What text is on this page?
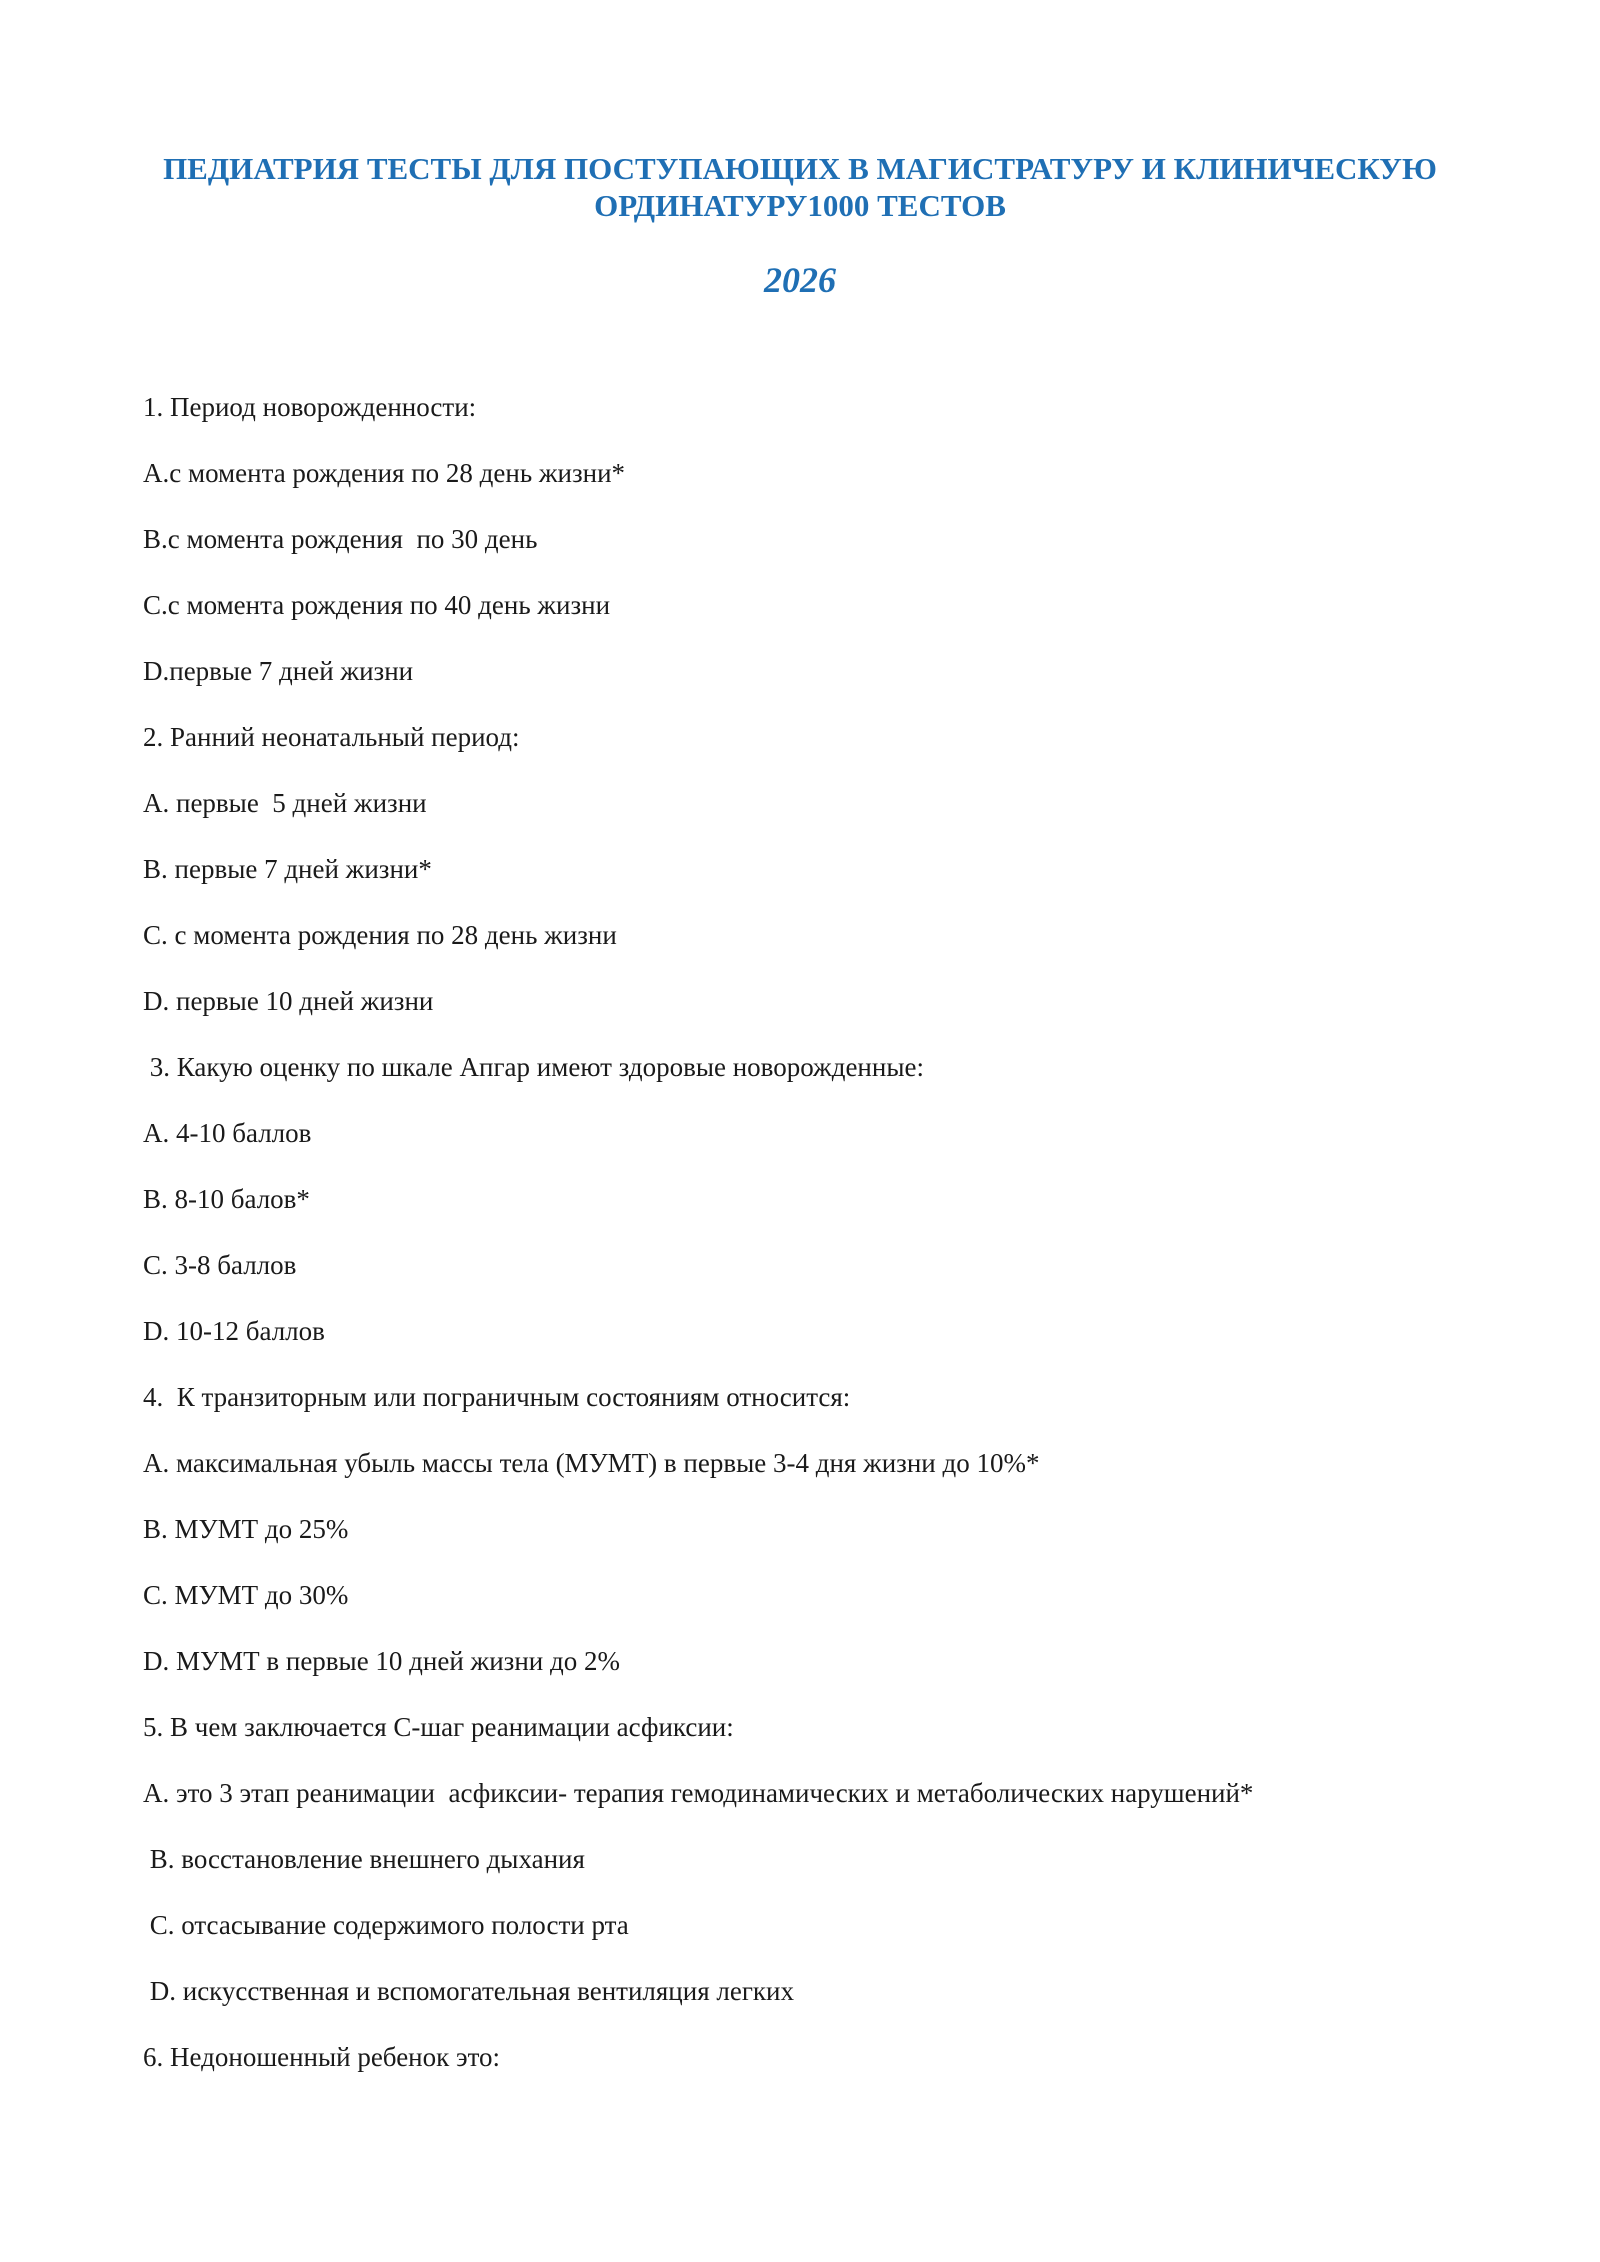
ПЕДИАТРИЯ ТЕСТЫ ДЛЯ ПОСТУПАЮЩИХ В МАГИСТРАТУРУ И КЛИНИЧЕСКУЮ ОРДИНАТУРУ1000 ТЕСТОВ
2026
1. Период новорожденности:
A.с момента рождения по 28 день жизни*
B.с момента рождения  по 30 день
C.с момента рождения по 40 день жизни
D.первые 7 дней жизни
2. Ранний неонатальный период:
A. первые  5 дней жизни
B. первые 7 дней жизни*
C. с момента рождения по 28 день жизни
D. первые 10 дней жизни
3. Какую оценку по шкале Апгар имеют здоровые новорожденные:
A. 4-10 баллов
B. 8-10 балов*
C. 3-8 баллов
D. 10-12 баллов
4.  К транзиторным или пограничным состояниям относится:
A. максимальная убыль массы тела (МУМТ) в первые 3-4 дня жизни до 10%*
B. МУМТ до 25%
C. МУМТ до 30%
D. МУМТ в первые 10 дней жизни до 2%
5. В чем заключается С-шаг реанимации асфиксии:
A. это 3 этап реанимации  асфиксии- терапия гемодинамических и метаболических нарушений*
B. восстановление внешнего дыхания
C. отсасывание содержимого полости рта
D. искусственная и вспомогательная вентиляция легких
6. Недоношенный ребенок это:
